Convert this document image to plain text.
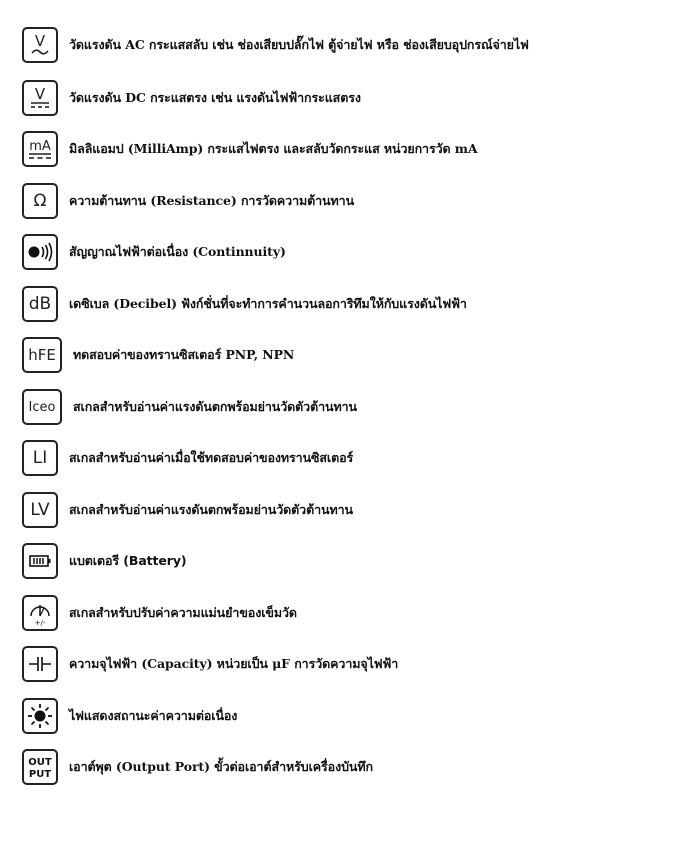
V วัดแรงดัน AC กระแสสลับ เช่น ช่องเสียบปลั๊กไฟ ตู้จ่ายไฟ หรือ ช่องเสียบอุปกรณ์จ่ายไฟ
V วัดแรงดัน DC กระแสตรง เช่น แรงดันไฟฟ้ากระแสตรง
mA มิลลิแอมป (MilliAmp) กระแสไฟตรง และสลับวัดกระแส หน่วยการวัด mA
Ω ความต้านทาน (Resistance) การวัดความต้านทาน
สัญญาณไฟฟ้าต่อเนื่อง (Continnuity)
dB เดซิเบล (Decibel) ฟังก์ชั่นที่จะทำการคำนวนลอการิทึมให้กับแรงดันไฟฟ้า
hFE ทดสอบค่าของทรานซิสเตอร์ PNP, NPN
Iceo สเกลสำหรับอ่านค่าแรงดันตกพร้อมย่านวัดตัวต้านทาน
LI สเกลสำหรับอ่านค่าเมื่อใช้ทดสอบค่าของทรานซิสเตอร์
LV สเกลสำหรับอ่านค่าแรงดันตกพร้อมย่านวัดตัวต้านทาน
แบตเตอรี (Battery)
+/-
สเกลสำหรับปรับค่าความแม่นยำของเข็มวัด
ความจุไฟฟ้า (Capacity) หน่วยเป็น μF การวัดความจุไฟฟ้า
ไฟแสดงสถานะค่าความต่อเนื่อง
OUT
PUT
เอาต์พุต (Output Port) ขั้วต่อเอาต์สำหรับเครื่องบันทึก
